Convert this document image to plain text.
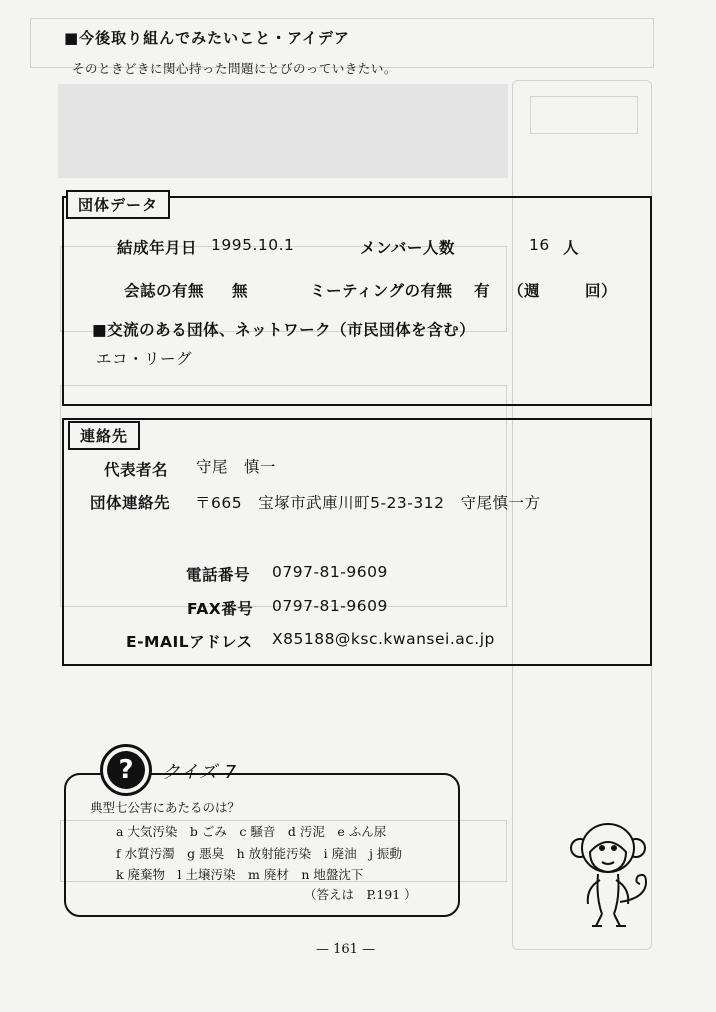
■今後取り組んでみたいこと・アイデア
そのときどきに関心持った問題にとびのっていきたい。
団体データ
結成年月日 1995.10.1	メンバー人数	16 人
会誌の有無 無	ミーティングの有無 有 （週	回）
■交流のある団体、ネットワーク（市民団体を含む）
エコ・リーグ
連絡先
代表者名 守尾　慎一
団体連絡先 〒665　宝塚市武庫川町5-23-312　守尾慎一方
電話番号 0797-81-9609
FAX番号 0797-81-9609
E-MAILアドレス X85188@ksc.kwansei.ac.jp
?	クイズ 7
典型七公害にあたるのは？
a 大気汚染　b ごみ　c 騒音　d 汚泥　e ふん尿
f 水質汚濁　g 悪臭　h 放射能汚染　i 廃油　j 振動
k 廃棄物　l 土壌汚染　m 廃材　n 地盤沈下
（答えは　P.191 ）
— 161 —
